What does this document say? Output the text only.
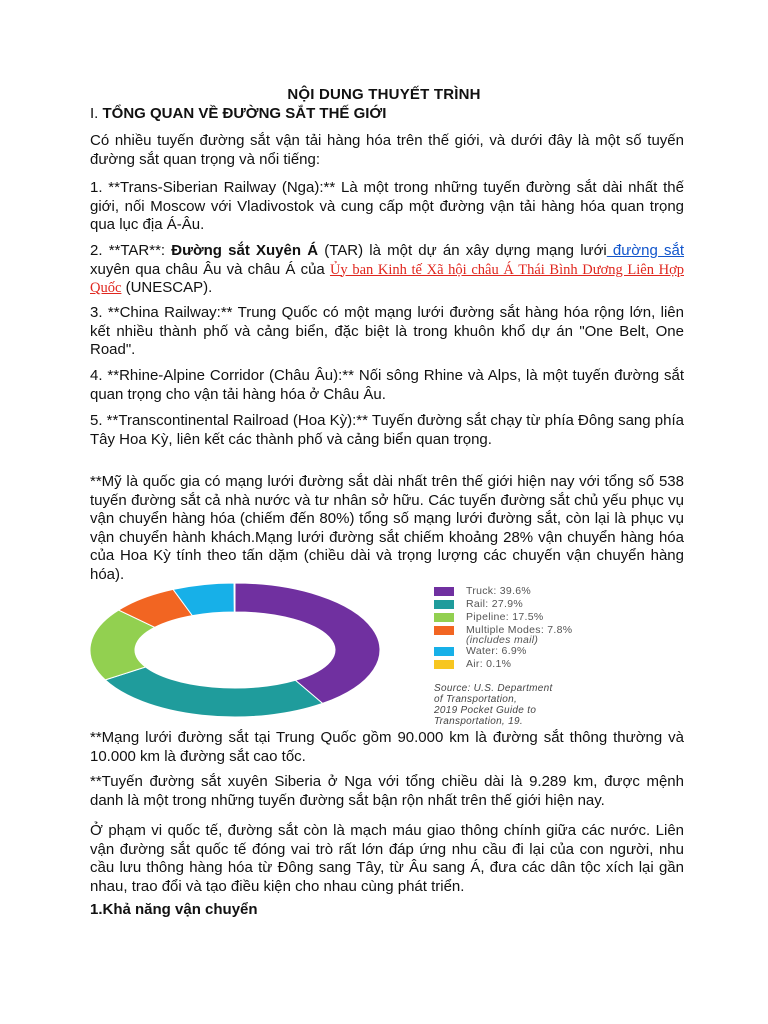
NỘI DUNG THUYẾT TRÌNH
I. TỔNG QUAN VỀ ĐƯỜNG SẮT THẾ GIỚI
Có nhiều tuyến đường sắt vận tải hàng hóa trên thế giới, và dưới đây là một số tuyến đường sắt quan trọng và nổi tiếng:
1. **Trans-Siberian Railway (Nga):** Là một trong những tuyến đường sắt dài nhất thế giới, nối Moscow với Vladivostok và cung cấp một đường vận tải hàng hóa quan trọng qua lục địa Á-Âu.
2. **TAR**: Đường sắt Xuyên Á (TAR) là một dự án xây dựng mạng lưới đường sắt xuyên qua châu Âu và châu Á của Ủy ban Kinh tế Xã hội châu Á Thái Bình Dương Liên Hợp Quốc (UNESCAP).
3. **China Railway:** Trung Quốc có một mạng lưới đường sắt hàng hóa rộng lớn, liên kết nhiều thành phố và cảng biển, đặc biệt là trong khuôn khổ dự án "One Belt, One Road".
4. **Rhine-Alpine Corridor (Châu Âu):** Nối sông Rhine và Alps, là một tuyến đường sắt quan trọng cho vận tải hàng hóa ở Châu Âu.
5. **Transcontinental Railroad (Hoa Kỳ):** Tuyến đường sắt chạy từ phía Đông sang phía Tây Hoa Kỳ, liên kết các thành phố và cảng biển quan trọng.
**Mỹ là quốc gia có mạng lưới đường sắt dài nhất trên thế giới hiện nay với tổng số 538 tuyến đường sắt cả nhà nước và tư nhân sở hữu. Các tuyến đường sắt chủ yếu phục vụ vận chuyển hàng hóa (chiếm đến 80%) tổng số mạng lưới đường sắt, còn lại là phục vụ vận chuyển hành khách.Mạng lưới đường sắt chiếm khoảng 28% vận chuyển hàng hóa của Hoa Kỳ tính theo tấn dặm (chiều dài và trọng lượng các chuyến vận chuyển hàng hóa).
Truck: 39.6%
Rail: 27.9%
Pipeline: 17.5%
Multiple Modes: 7.8%
(includes mail)
Water: 6.9%
Air: 0.1%
Source: U.S. Department
of Transportation,
2019 Pocket Guide to
Transportation, 19.
**Mạng lưới đường sắt tại Trung Quốc gồm 90.000 km là đường sắt thông thường và 10.000 km là đường sắt cao tốc.
**Tuyến đường sắt xuyên Siberia ở Nga với tổng chiều dài là 9.289 km, được mệnh danh là một trong những tuyến đường sắt bận rộn nhất trên thế giới hiện nay.
Ở phạm vi quốc tế, đường sắt còn là mạch máu giao thông chính giữa các nước. Liên vận đường sắt quốc tế đóng vai trò rất lớn đáp ứng nhu cầu đi lại của con người, nhu cầu lưu thông hàng hóa từ Đông sang Tây, từ Âu sang Á, đưa các dân tộc xích lại gần nhau, trao đổi và tạo điều kiện cho nhau cùng phát triển.
1.Khả năng vận chuyển
